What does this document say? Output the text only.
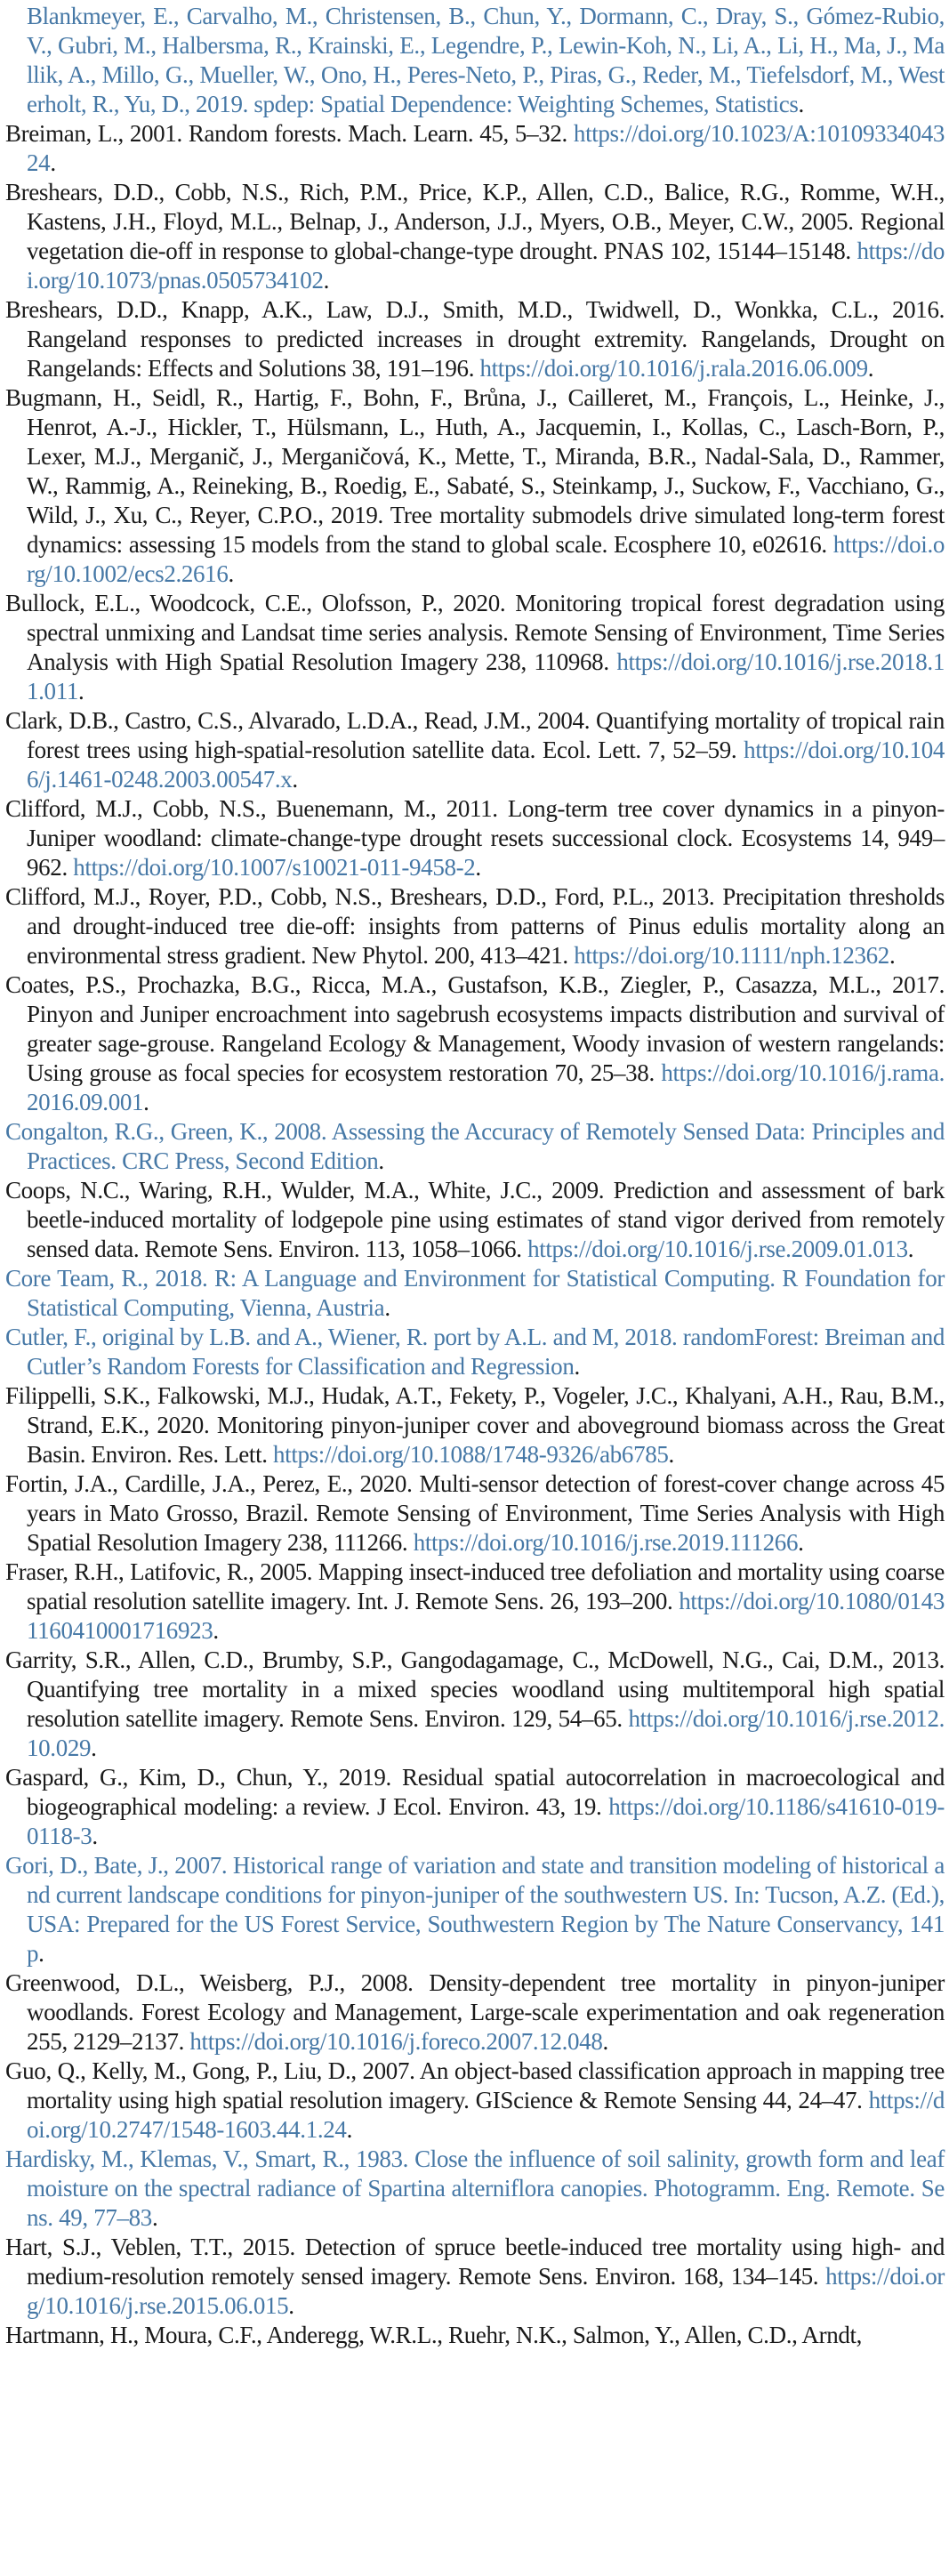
Blankmeyer, E., Carvalho, M., Christensen, B., Chun, Y., Dormann, C., Dray, S., Gómez-Rubio, V., Gubri, M., Halbersma, R., Krainski, E., Legendre, P., Lewin-Koh, N., Li, A., Li, H., Ma, J., Mallik, A., Millo, G., Mueller, W., Ono, H., Peres-Neto, P., Piras, G., Reder, M., Tiefelsdorf, M., Westerholt, R., Yu, D., 2019. spdep: Spatial Dependence: Weighting Schemes, Statistics.

Breiman, L., 2001. Random forests. Mach. Learn. 45, 5–32. https://doi.org/10.1023/A:1010933404324.

Breshears, D.D., Cobb, N.S., Rich, P.M., Price, K.P., Allen, C.D., Balice, R.G., Romme, W.H., Kastens, J.H., Floyd, M.L., Belnap, J., Anderson, J.J., Myers, O.B., Meyer, C.W., 2005. Regional vegetation die-off in response to global-change-type drought. PNAS 102, 15144–15148. https://doi.org/10.1073/pnas.0505734102.

Breshears, D.D., Knapp, A.K., Law, D.J., Smith, M.D., Twidwell, D., Wonkka, C.L., 2016. Rangeland responses to predicted increases in drought extremity. Rangelands, Drought on Rangelands: Effects and Solutions 38, 191–196. https://doi.org/10.1016/j.rala.2016.06.009.

Bugmann, H., Seidl, R., Hartig, F., Bohn, F., Brůna, J., Cailleret, M., François, L., Heinke, J., Henrot, A.-J., Hickler, T., Hülsmann, L., Huth, A., Jacquemin, I., Kollas, C., Lasch-Born, P., Lexer, M.J., Merganič, J., Merganičová, K., Mette, T., Miranda, B.R., Nadal-Sala, D., Rammer, W., Rammig, A., Reineking, B., Roedig, E., Sabaté, S., Steinkamp, J., Suckow, F., Vacchiano, G., Wild, J., Xu, C., Reyer, C.P.O., 2019. Tree mortality submodels drive simulated long-term forest dynamics: assessing 15 models from the stand to global scale. Ecosphere 10, e02616. https://doi.org/10.1002/ecs2.2616.

Bullock, E.L., Woodcock, C.E., Olofsson, P., 2020. Monitoring tropical forest degradation using spectral unmixing and Landsat time series analysis. Remote Sensing of Environment, Time Series Analysis with High Spatial Resolution Imagery 238, 110968. https://doi.org/10.1016/j.rse.2018.11.011.

Clark, D.B., Castro, C.S., Alvarado, L.D.A., Read, J.M., 2004. Quantifying mortality of tropical rain forest trees using high-spatial-resolution satellite data. Ecol. Lett. 7, 52–59. https://doi.org/10.1046/j.1461-0248.2003.00547.x.

Clifford, M.J., Cobb, N.S., Buenemann, M., 2011. Long-term tree cover dynamics in a pinyon-Juniper woodland: climate-change-type drought resets successional clock. Ecosystems 14, 949–962. https://doi.org/10.1007/s10021-011-9458-2.

Clifford, M.J., Royer, P.D., Cobb, N.S., Breshears, D.D., Ford, P.L., 2013. Precipitation thresholds and drought-induced tree die-off: insights from patterns of Pinus edulis mortality along an environmental stress gradient. New Phytol. 200, 413–421. https://doi.org/10.1111/nph.12362.

Coates, P.S., Prochazka, B.G., Ricca, M.A., Gustafson, K.B., Ziegler, P., Casazza, M.L., 2017. Pinyon and Juniper encroachment into sagebrush ecosystems impacts distribution and survival of greater sage-grouse. Rangeland Ecology & Management, Woody invasion of western rangelands: Using grouse as focal species for ecosystem restoration 70, 25–38. https://doi.org/10.1016/j.rama.2016.09.001.

Congalton, R.G., Green, K., 2008. Assessing the Accuracy of Remotely Sensed Data: Principles and Practices. CRC Press, Second Edition.

Coops, N.C., Waring, R.H., Wulder, M.A., White, J.C., 2009. Prediction and assessment of bark beetle-induced mortality of lodgepole pine using estimates of stand vigor derived from remotely sensed data. Remote Sens. Environ. 113, 1058–1066. https://doi.org/10.1016/j.rse.2009.01.013.

Core Team, R., 2018. R: A Language and Environment for Statistical Computing. R Foundation for Statistical Computing, Vienna, Austria.

Cutler, F., original by L.B. and A., Wiener, R. port by A.L. and M, 2018. randomForest: Breiman and Cutler’s Random Forests for Classification and Regression.

Filippelli, S.K., Falkowski, M.J., Hudak, A.T., Fekety, P., Vogeler, J.C., Khalyani, A.H., Rau, B.M., Strand, E.K., 2020. Monitoring pinyon-juniper cover and aboveground biomass across the Great Basin. Environ. Res. Lett. https://doi.org/10.1088/1748-9326/ab6785.

Fortin, J.A., Cardille, J.A., Perez, E., 2020. Multi-sensor detection of forest-cover change across 45 years in Mato Grosso, Brazil. Remote Sensing of Environment, Time Series Analysis with High Spatial Resolution Imagery 238, 111266. https://doi.org/10.1016/j.rse.2019.111266.

Fraser, R.H., Latifovic, R., 2005. Mapping insect-induced tree defoliation and mortality using coarse spatial resolution satellite imagery. Int. J. Remote Sens. 26, 193–200. https://doi.org/10.1080/01431160410001716923.

Garrity, S.R., Allen, C.D., Brumby, S.P., Gangodagamage, C., McDowell, N.G., Cai, D.M., 2013. Quantifying tree mortality in a mixed species woodland using multitemporal high spatial resolution satellite imagery. Remote Sens. Environ. 129, 54–65. https://doi.org/10.1016/j.rse.2012.10.029.

Gaspard, G., Kim, D., Chun, Y., 2019. Residual spatial autocorrelation in macroecological and biogeographical modeling: a review. J Ecol. Environ. 43, 19. https://doi.org/10.1186/s41610-019-0118-3.

Gori, D., Bate, J., 2007. Historical range of variation and state and transition modeling of historical and current landscape conditions for pinyon-juniper of the southwestern US. In: Tucson, A.Z. (Ed.), USA: Prepared for the US Forest Service, Southwestern Region by The Nature Conservancy, 141p.

Greenwood, D.L., Weisberg, P.J., 2008. Density-dependent tree mortality in pinyon-juniper woodlands. Forest Ecology and Management, Large-scale experimentation and oak regeneration 255, 2129–2137. https://doi.org/10.1016/j.foreco.2007.12.048.

Guo, Q., Kelly, M., Gong, P., Liu, D., 2007. An object-based classification approach in mapping tree mortality using high spatial resolution imagery. GIScience & Remote Sensing 44, 24–47. https://doi.org/10.2747/1548-1603.44.1.24.

Hardisky, M., Klemas, V., Smart, R., 1983. Close the influence of soil salinity, growth form and leaf moisture on the spectral radiance of Spartina alterniflora canopies. Photogramm. Eng. Remote. Sens. 49, 77–83.

Hart, S.J., Veblen, T.T., 2015. Detection of spruce beetle-induced tree mortality using high- and medium-resolution remotely sensed imagery. Remote Sens. Environ. 168, 134–145. https://doi.org/10.1016/j.rse.2015.06.015.

Hartmann, H., Moura, C.F., Anderegg, W.R.L., Ruehr, N.K., Salmon, Y., Allen, C.D., Arndt,
